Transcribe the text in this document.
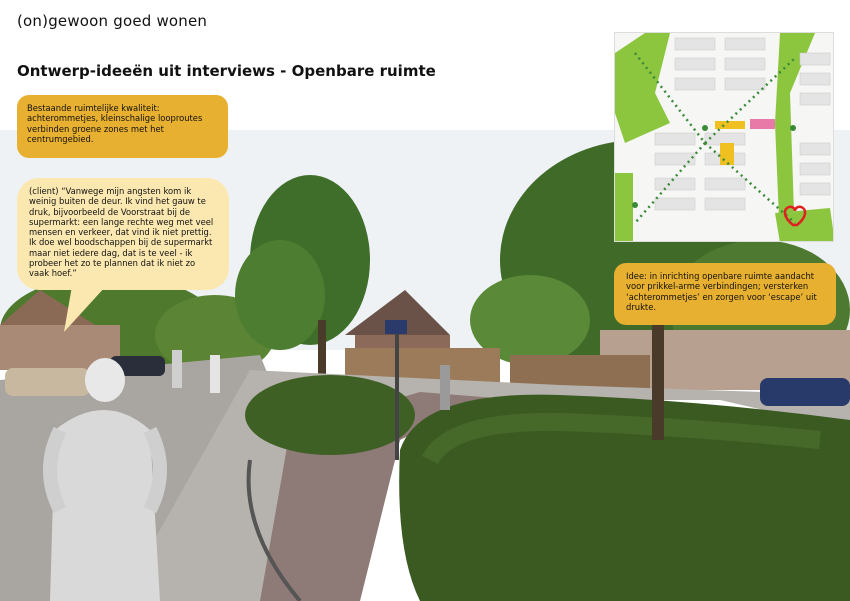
(on)gewoon goed wonen
Ontwerp-ideeën uit interviews - Openbare ruimte
Bestaande ruimtelijke kwaliteit: achterommetjes, kleinschalige looproutes verbinden groene zones met het centrumgebied.
(client) “Vanwege mijn angsten kom ik weinig buiten de deur. Ik vind het gauw te druk, bijvoorbeeld de Voorstraat bij de supermarkt: een lange rechte weg met veel mensen en verkeer, dat vind ik niet prettig. Ik doe wel boodschappen bij de supermarkt maar niet iedere dag, dat is te veel - ik probeer het zo te plannen dat ik niet zo vaak hoef.”	Idee: in inrichting openbare ruimte aandacht voor prikkel-arme verbindingen; versterken ‘achterommetjes’ en zorgen voor ‘escape’ uit drukte.
